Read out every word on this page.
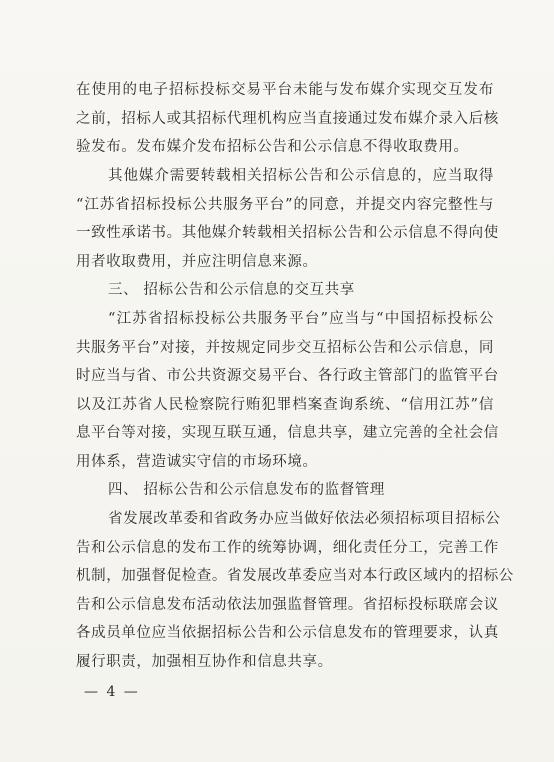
在使用的电子招标投标交易平台未能与发布媒介实现交互发布
之前，招标人或其招标代理机构应当直接通过发布媒介录入后核
验发布。发布媒介发布招标公告和公示信息不得收取费用。

其他媒介需要转载相关招标公告和公示信息的，应当取得
“江苏省招标投标公共服务平台”的同意，并提交内容完整性与
一致性承诺书。其他媒介转载相关招标公告和公示信息不得向使
用者收取费用，并应注明信息来源。

三、 招标公告和公示信息的交互共享

“江苏省招标投标公共服务平台”应当与“中国招标投标公
共服务平台”对接，并按规定同步交互招标公告和公示信息，同
时应当与省、市公共资源交易平台、各行政主管部门的监管平台
以及江苏省人民检察院行贿犯罪档案查询系统、“信用江苏”信
息平台等对接，实现互联互通，信息共享，建立完善的全社会信
用体系，营造诚实守信的市场环境。

四、 招标公告和公示信息发布的监督管理

省发展改革委和省政务办应当做好依法必须招标项目招标公
告和公示信息的发布工作的统筹协调，细化责任分工，完善工作
机制，加强督促检查。省发展改革委应当对本行政区域内的招标公
告和公示信息发布活动依法加强监督管理。省招标投标联席会议
各成员单位应当依据招标公告和公示信息发布的管理要求，认真
履行职责，加强相互协作和信息共享。

— 4 —
